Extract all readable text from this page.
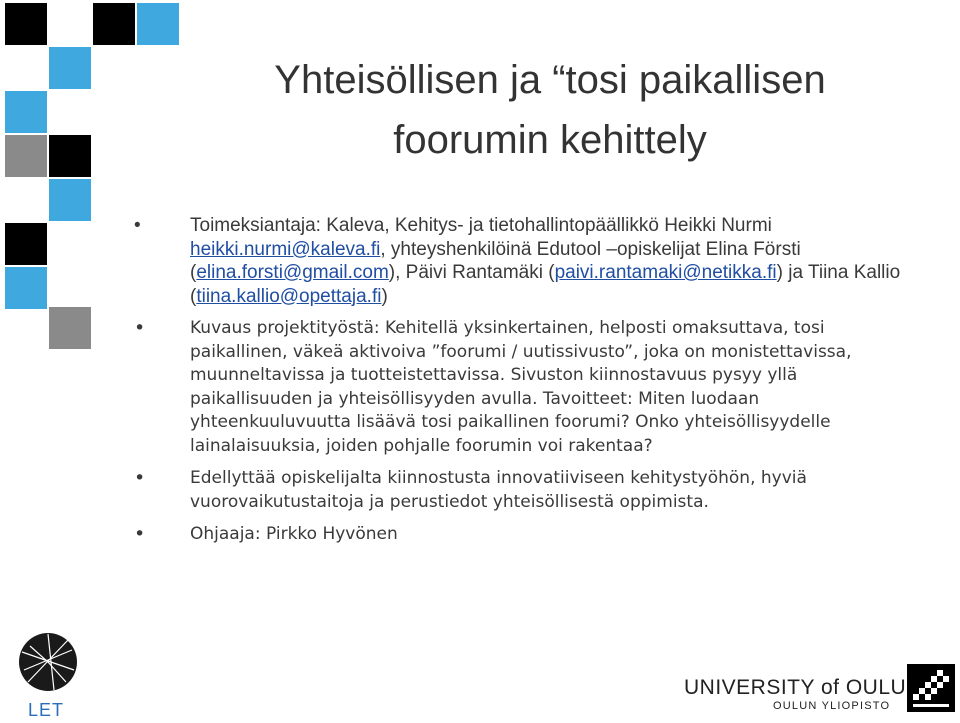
Yhteisöllisen ja “tosi paikallisen
foorumin kehittely
•	Toimeksiantaja: Kaleva, Kehitys- ja tietohallintopäällikkö Heikki Nurmi
heikki.nurmi@kaleva.fi, yhteyshenkilöinä Edutool –opiskelijat Elina Försti (elina.forsti@gmail.com), Päivi Rantamäki (paivi.rantamaki@netikka.fi) ja Tiina Kallio (tiina.kallio@opettaja.fi)
•	Kuvaus projektityöstä: Kehitellä yksinkertainen, helposti omaksuttava, tosi paikallinen, väkeä aktivoiva ”foorumi / uutissivusto”, joka on monistettavissa, muunneltavissa ja tuotteistettavissa. Sivuston kiinnostavuus pysyy yllä paikallisuuden ja yhteisöllisyyden avulla. Tavoitteet: Miten luodaan yhteenkuuluvuutta lisäävä tosi paikallinen foorumi? Onko yhteisöllisyydelle lainalaisuuksia, joiden pohjalle foorumin voi rakentaa?
•	Edellyttää opiskelijalta kiinnostusta innovatiiviseen kehitystyöhön, hyviä vuorovaikutustaitoja ja perustiedot yhteisöllisestä oppimista.
•	Ohjaaja: Pirkko Hyvönen
LET
UNIVERSITY of OULU
OULUN YLIOPISTO
